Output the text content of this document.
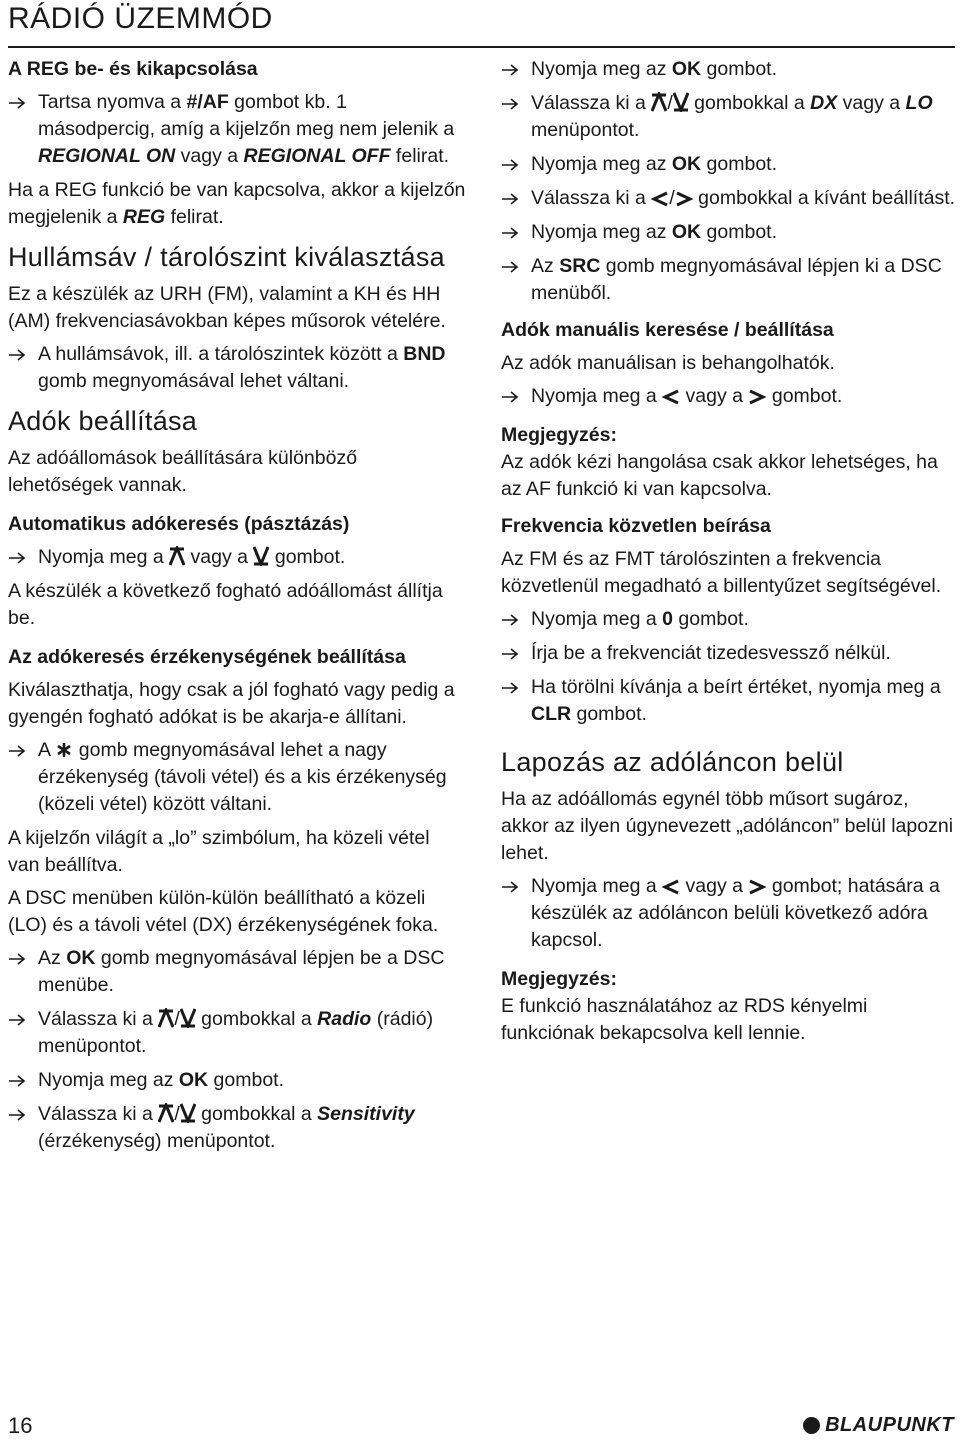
RÁDIÓ ÜZEMMÓD
A REG be- és kikapcsolása
Tartsa nyomva a #/AF gombot kb. 1 másodpercig, amíg a kijelzőn meg nem jelenik a REGIONAL ON vagy a REGIONAL OFF felirat.

Ha a REG funkció be van kapcsolva, akkor a kijelzőn megjelenik a REG felirat.

Hullámsáv / tárolószint kiválasztása

Ez a készülék az URH (FM), valamint a KH és HH (AM) frekvenciasávokban képes műsorok vételére.

A hullámsávok, ill. a tárolószintek között a BND gomb megnyomásával lehet váltani.
Adók beállítása

Az adóállomások beállítására különböző lehetőségek vannak.

Automatikus adókeresés (pásztázás)
Nyomja meg a  vagy a  gombot.

A készülék a következő fogható adóállomást állítja be.

Az adókeresés érzékenységének beállítása

Kiválaszthatja, hogy csak a jól fogható vagy pedig a gyengén fogható adókat is be akarja-e állítani.

A  gomb megnyomásával lehet a nagy érzékenység (távoli vétel) és a kis érzékenység (közeli vétel) között váltani.

A kijelzőn világít a „lo” szimbólum, ha közeli vétel van beállítva.

A DSC menüben külön-külön beállítható a közeli (LO) és a távoli vétel (DX) érzékenységének foka.

Az OK gomb megnyomásával lépjen be a DSC menübe.
Válassza ki a / gombokkal a Radio (rádió) menüpontot.
Nyomja meg az OK gombot.
Válassza ki a / gombokkal a Sensitivity (érzékenység) menüpontot.
Nyomja meg az OK gombot.
Válassza ki a / gombokkal a DX vagy a LO menüpontot.
Nyomja meg az OK gombot.
Válassza ki a / gombokkal a kívánt beállítást.
Nyomja meg az OK gombot.
Az SRC gomb megnyomásával lépjen ki a DSC menüből.
Adók manuális keresése / beállítása

Az adók manuálisan is behangolhatók.

Nyomja meg a  vagy a  gombot.
Megjegyzés:

Az adók kézi hangolása csak akkor lehetséges, ha az AF funkció ki van kapcsolva.

Frekvencia közvetlen beírása

Az FM és az FMT tárolószinten a frekvencia közvetlenül megadható a billentyűzet segítségével.

Nyomja meg a 0 gombot.
Írja be a frekvenciát tizedesvessző nélkül.
Ha törölni kívánja a beírt értéket, nyomja meg a CLR gombot.
Lapozás az adóláncon belül

Ha az adóállomás egynél több műsort sugároz, akkor az ilyen úgynevezett „adóláncon” belül lapozni lehet.

Nyomja meg a  vagy a  gombot; hatására a készülék az adóláncon belüli következő adóra kapcsol.
Megjegyzés:

E funkció használatához az RDS kényelmi funkciónak bekapcsolva kell lennie.

16	BLAUPUNKT
